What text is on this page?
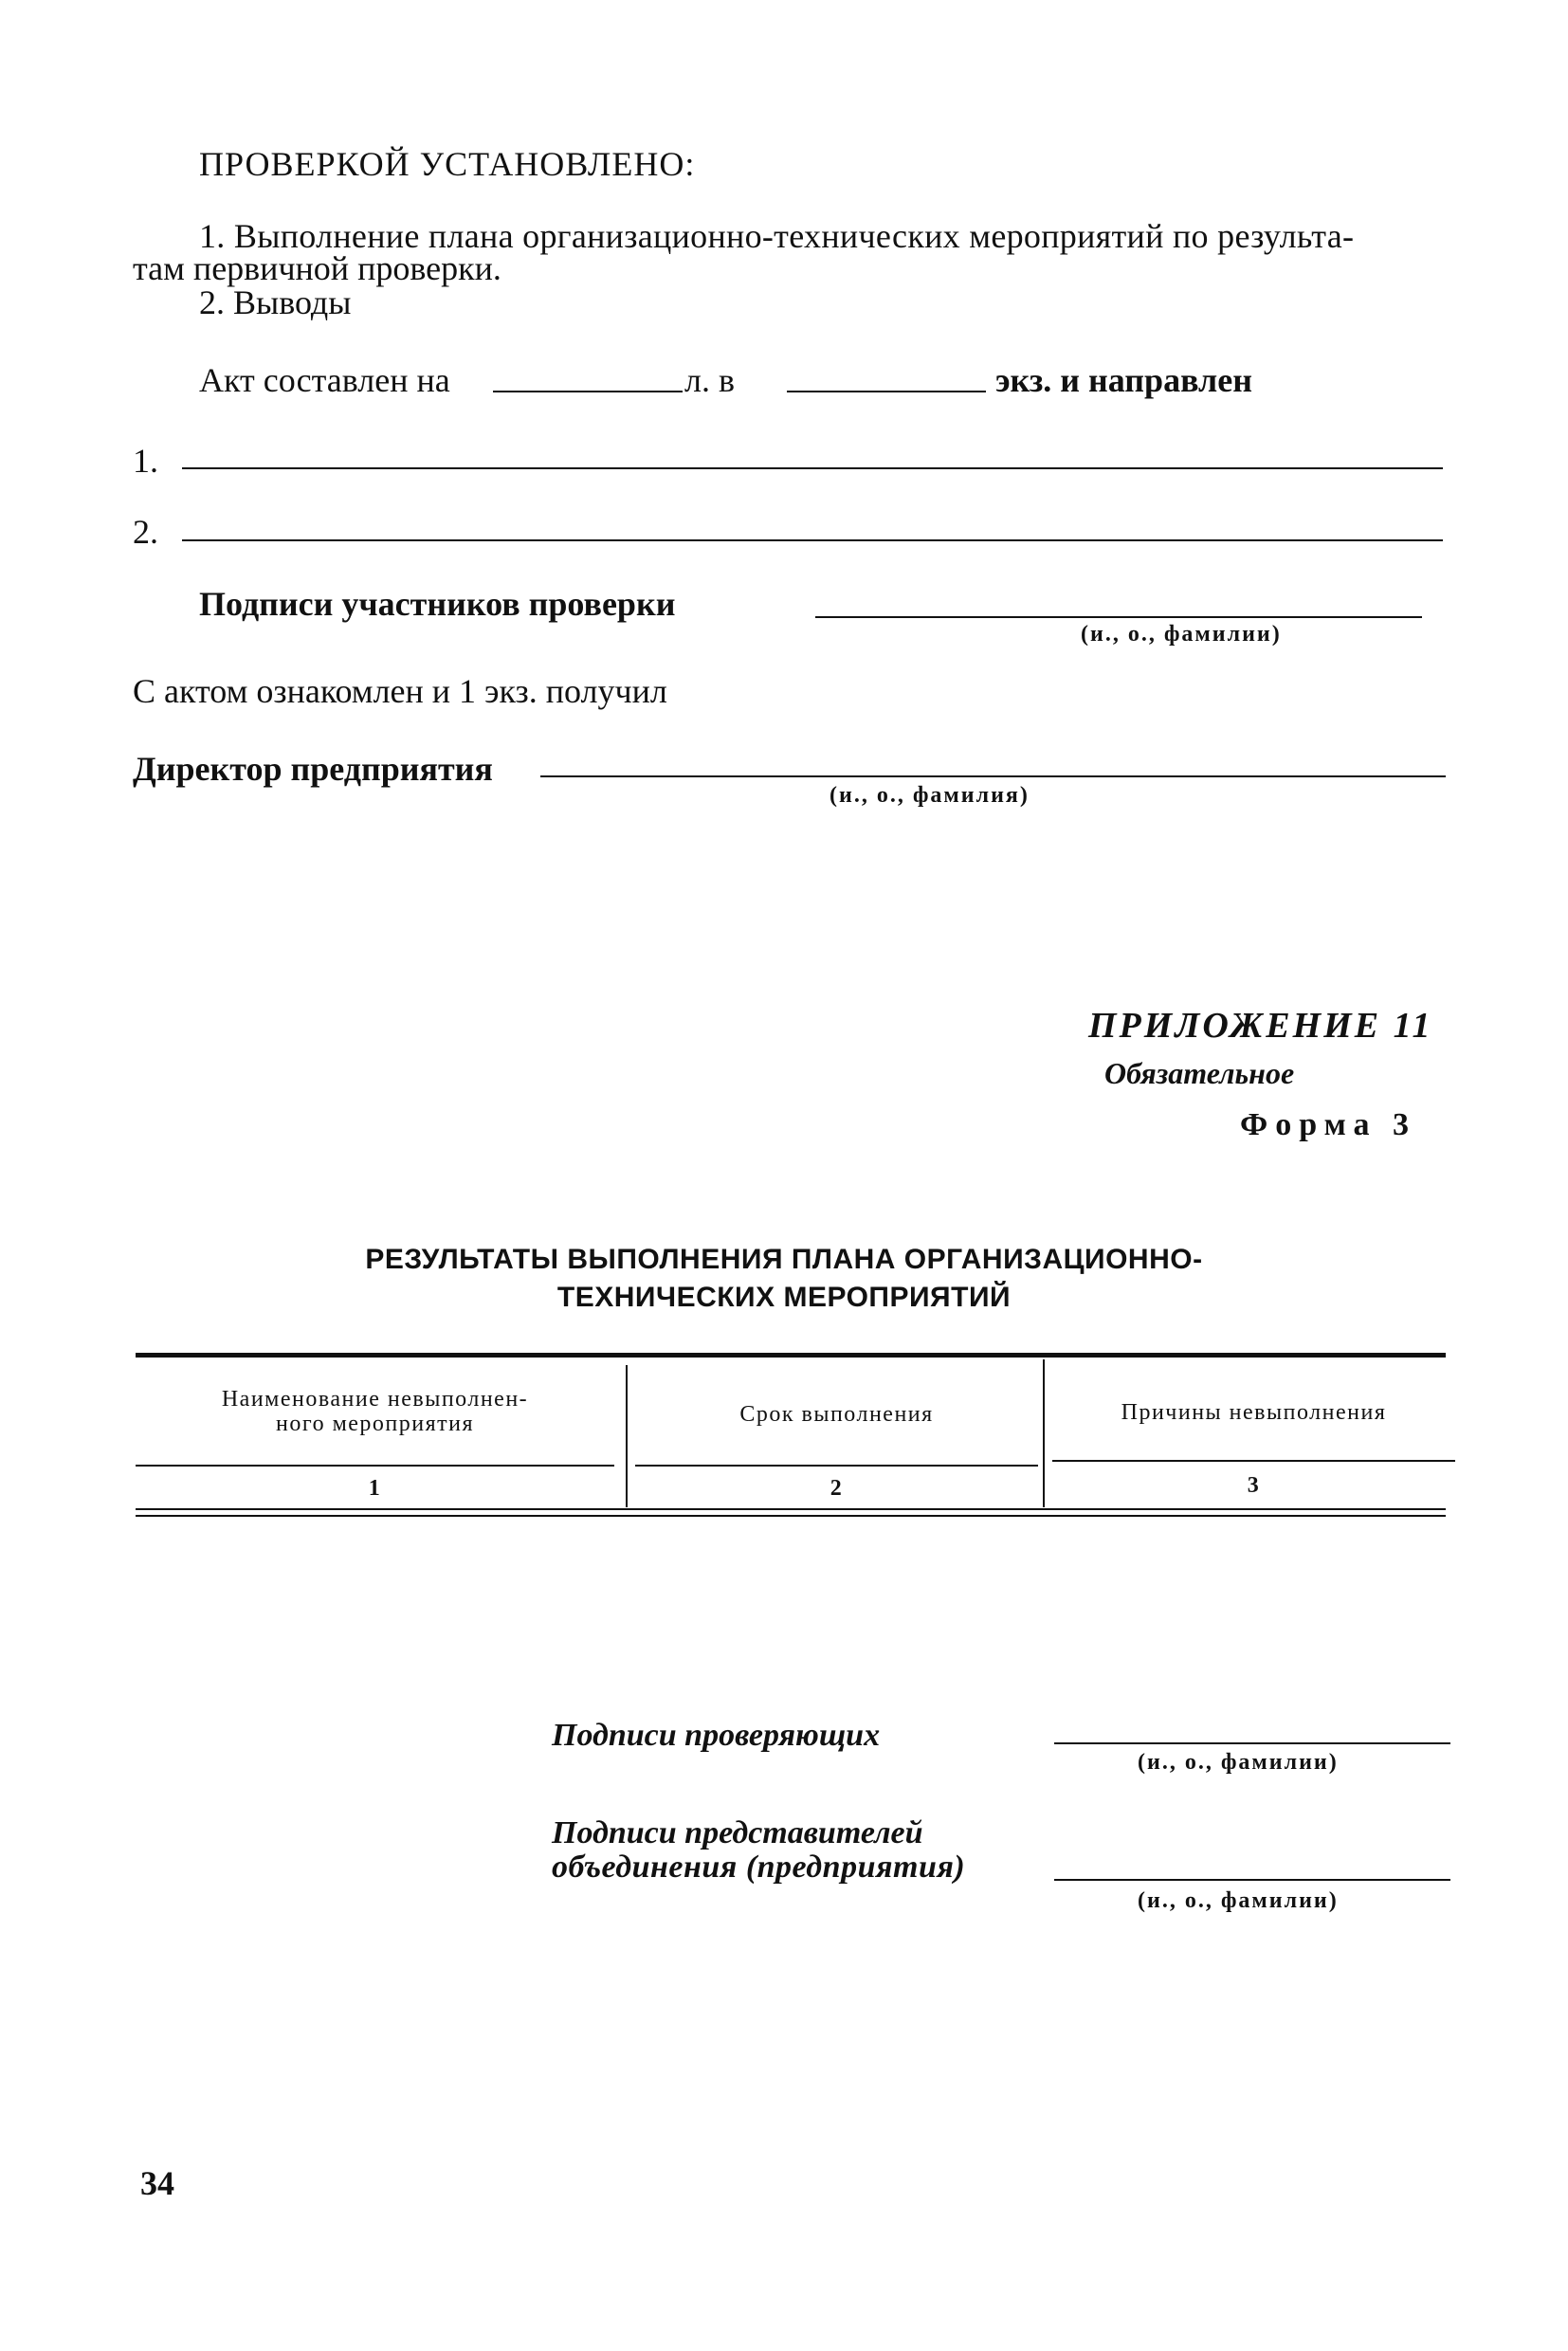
ПРОВЕРКОЙ УСТАНОВЛЕНО:
1. Выполнение плана организационно-технических мероприятий по результа-
там первичной проверки.
2. Выводы
Акт составлен на	л. в	экз. и направлен
1.
2.
Подписи участников проверки
(и., о., фамилии)
С актом ознакомлен и 1 экз. получил
Директор предприятия
(и., о., фамилия)
ПРИЛОЖЕНИЕ 11
Обязательное
Форма 3
РЕЗУЛЬТАТЫ ВЫПОЛНЕНИЯ ПЛАНА ОРГАНИЗАЦИОННО-
ТЕХНИЧЕСКИХ МЕРОПРИЯТИЙ
Наименование невыполнен-
ного мероприятия	Срок выполнения	Причины невыполнения
1	2	3
Подписи проверяющих
(и., о., фамилии)
Подписи представителей
объединения (предприятия)
(и., о., фамилии)
34
